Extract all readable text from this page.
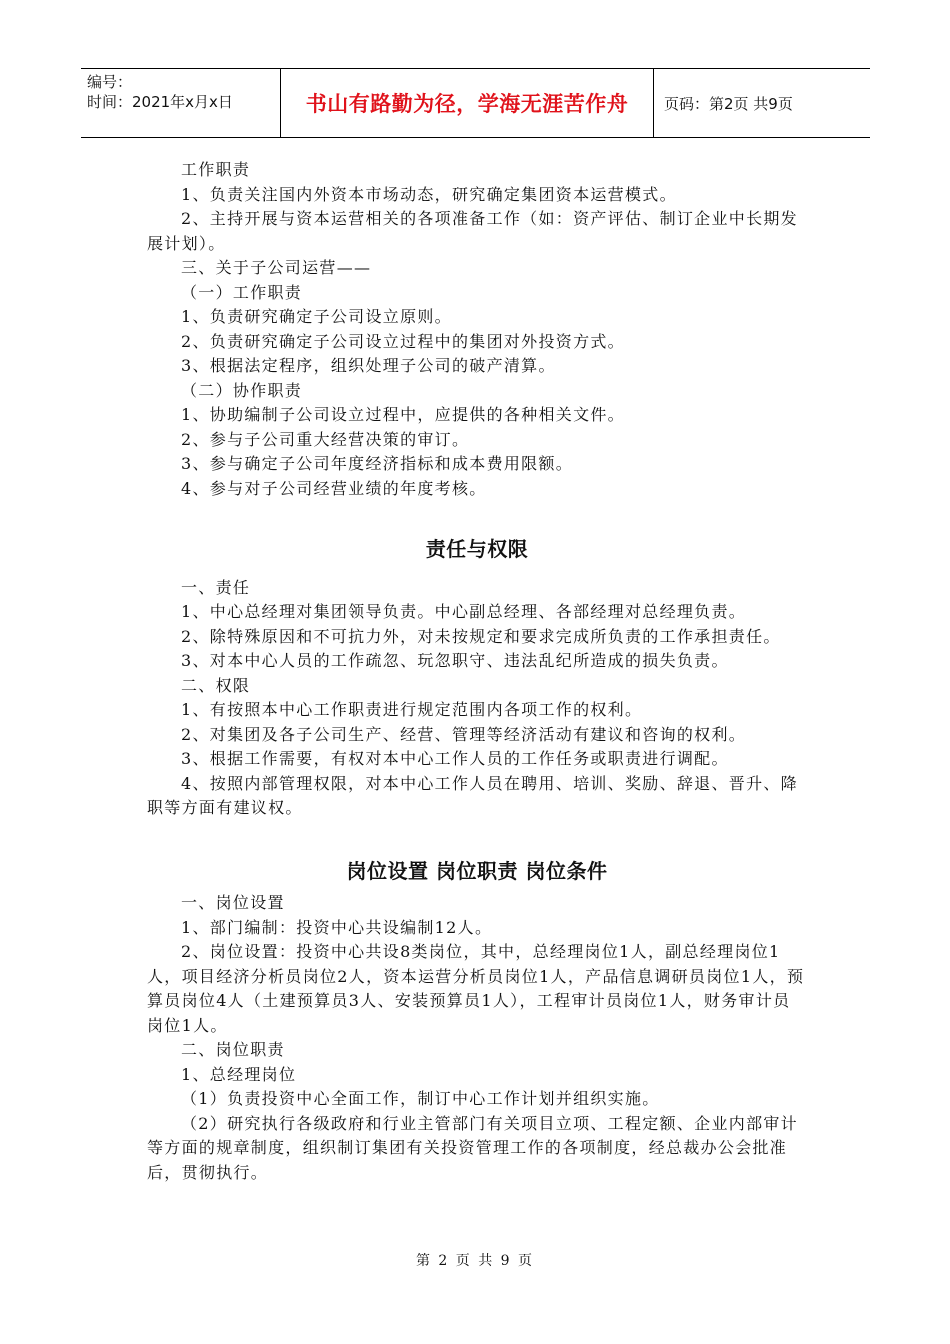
编号：
时间：2021年x月x日	书山有路勤为径，学海无涯苦作舟	页码：第2页 共9页

工作职责

1、负责关注国内外资本市场动态，研究确定集团资本运营模式。

2、主持开展与资本运营相关的各项准备工作（如：资产评估、制订企业中长期发展计划）。

三、关于子公司运营——

（一）工作职责

1、负责研究确定子公司设立原则。

2、负责研究确定子公司设立过程中的集团对外投资方式。

3、根据法定程序，组织处理子公司的破产清算。

（二）协作职责

1、协助编制子公司设立过程中，应提供的各种相关文件。

2、参与子公司重大经营决策的审订。

3、参与确定子公司年度经济指标和成本费用限额。

4、参与对子公司经营业绩的年度考核。

责任与权限

一、责任

1、中心总经理对集团领导负责。中心副总经理、各部经理对总经理负责。

2、除特殊原因和不可抗力外，对未按规定和要求完成所负责的工作承担责任。

3、对本中心人员的工作疏忽、玩忽职守、违法乱纪所造成的损失负责。

二、权限

1、有按照本中心工作职责进行规定范围内各项工作的权利。

2、对集团及各子公司生产、经营、管理等经济活动有建议和咨询的权利。

3、根据工作需要，有权对本中心工作人员的工作任务或职责进行调配。

4、按照内部管理权限，对本中心工作人员在聘用、培训、奖励、辞退、晋升、降职等方面有建议权。

岗位设置 岗位职责 岗位条件

一、岗位设置

1、部门编制：投资中心共设编制12人。

2、岗位设置：投资中心共设8类岗位，其中，总经理岗位1人，副总经理岗位1人，项目经济分析员岗位2人，资本运营分析员岗位1人，产品信息调研员岗位1人，预算员岗位4人（土建预算员3人、安装预算员1人），工程审计员岗位1人，财务审计员岗位1人。

二、岗位职责

1、总经理岗位

（1）负责投资中心全面工作，制订中心工作计划并组织实施。

（2）研究执行各级政府和行业主管部门有关项目立项、工程定额、企业内部审计等方面的规章制度，组织制订集团有关投资管理工作的各项制度，经总裁办公会批准后，贯彻执行。

第 2 页 共 9 页
